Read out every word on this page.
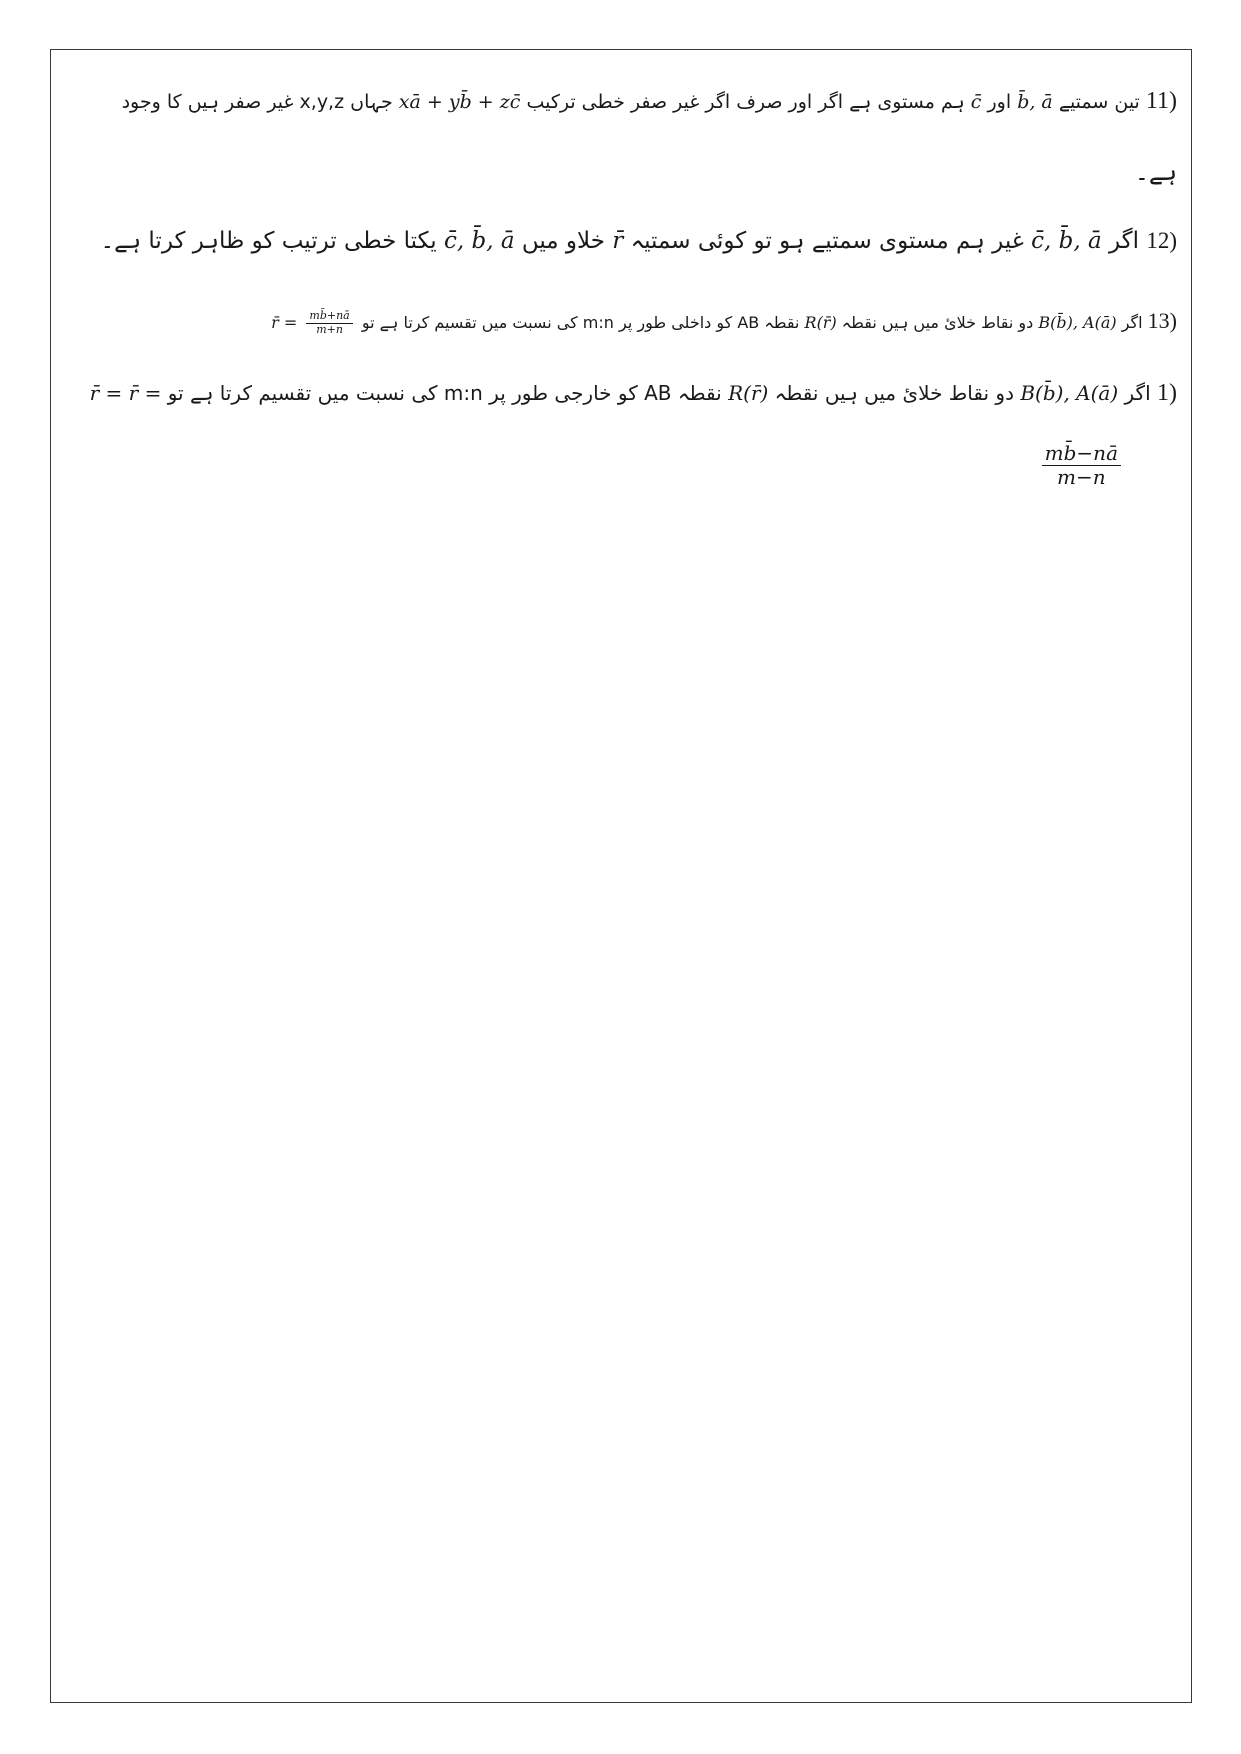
11) تین سمتیے b̄, ā اور c̄ ہم مستوی ہے اگر اور صرف اگر غیر صفر خطی ترکیب xā + yb̄ + zc̄ جہاں x,y,z غیر صفر ہیں کا وجود
ہے۔
12) اگر c̄, b̄, ā غیر ہم مستوی سمتیے ہو تو کوئی سمتیہ r̄ خلاو میں c̄, b̄, ā یکتا خطی ترتیب کو ظاہر کرتا ہے۔
13) اگر B(b̄), A(ā) دو نقاط خلائ میں ہیں نقطہ R(r̄) نقطہ AB کو داخلی طور پر m:n کی نسبت میں تقسیم کرتا ہے تو
$\frac{mb̄+nā}{m+n}$
r̄ =
1) اگر B(b̄), A(ā) دو نقاط خلائ میں ہیں نقطہ R(r̄) نقطہ AB کو خارجی طور پر m:n کی نسبت میں تقسیم کرتا ہے تو r̄ = r̄ =
$\frac{mb̄-nā}{m-n}$
